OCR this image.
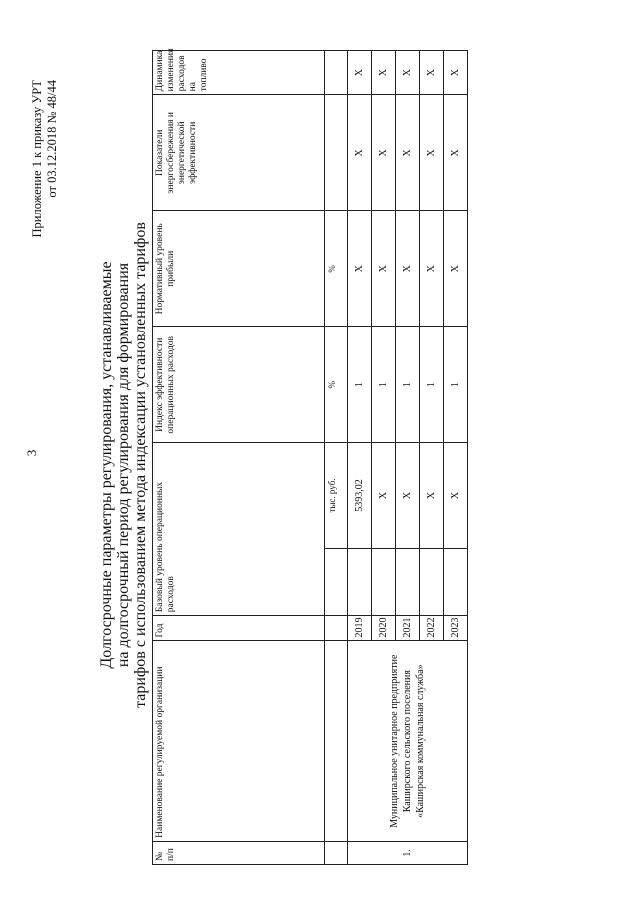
3
Приложение 1 к приказу УРТ от 03.12.2018 № 48/44
Долгосрочные параметры регулирования, устанавливаемые на долгосрочный период регулирования для формирования тарифов с использованием метода индексации установленных тарифов
№ п/п	Наименование регулируемой организации	Год	Базовый уровень операционных расходов		Индекс эффективности операционных расходов	Нормативный уровень прибыли	Показатели энергосбережения и энергетической эффективности	Динамика изменения расходов на топливо
				тыс. руб.	%	%		
1.	Муниципальное унитарное предприятие Каширского сельского поселения «Каширская коммунальная служба»	2019		5393,02	1	Х	Х	Х
		2020		Х	1	Х	Х	Х
		2021		Х	1	Х	Х	Х
		2022		Х	1	Х	Х	Х
		2023		Х	1	Х	Х	Х
